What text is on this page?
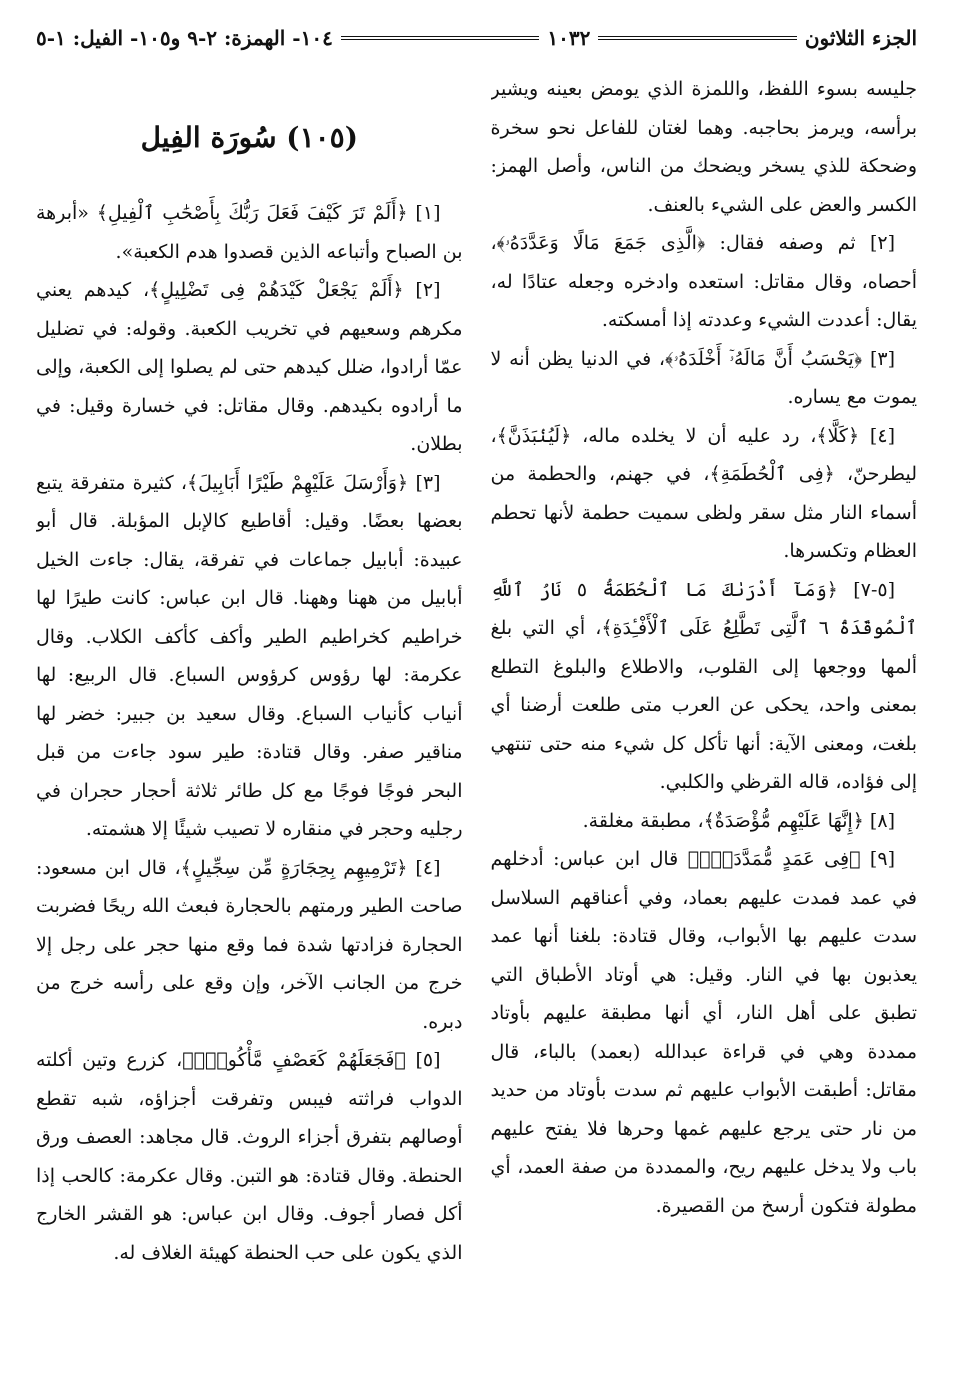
الجزء الثلاثون
١٠٣٢
١٠٤- الهمزة: ٢-٩ و١٠٥- الفيل: ١-٥

جليسه بسوء اللفظ، واللمزة الذي يومض بعينه ويشير برأسه، ويرمز بحاجبه. وهما لغتان للفاعل نحو سخرة وضحكة للذي يسخر ويضحك من الناس، وأصل الهمز: الكسر والعض على الشيء بالعنف.

[٢] ثم وصفه فقال: ﴿الَّذِى جَمَعَ مَالًا وَعَدَّدَهُۥ﴾، أحصاه، وقال مقاتل: استعده وادخره وجعله عتادًا له، يقال: أعددت الشيء وعددته إذا أمسكته.

[٣] ﴿يَحْسَبُ أَنَّ مَالَهُۥٓ أَخْلَدَهُۥ﴾، في الدنيا يظن أنه لا يموت مع يساره.

[٤] ﴿كَلَّا﴾، رد عليه أن لا يخلده ماله، ﴿لَيُنۢبَذَنَّ﴾، ليطرحنّ، ﴿فِى ٱلْحُطَمَةِ﴾، في جهنم، والحطمة من أسماء النار مثل سقر ولظى سميت حطمة لأنها تحطم العظام وتكسرها.

[٥-٧] ﴿وَمَآ أَدْرَىٰكَ مَا ٱلْحُطَمَةُ ٥ نَارُ ٱللَّهِ ٱلْمُوقَدَةُ ٦ ٱلَّتِى تَطَّلِعُ عَلَى ٱلْأَفْـِٔدَةِ﴾، أي التي بلغ ألمها ووجعها إلى القلوب، والاطلاع والبلوغ التطلع بمعنى واحد، يحكى عن العرب متى طلعت أرضنا أي بلغت، ومعنى الآية: أنها تأكل كل شيء منه حتى تنتهي إلى فؤاده، قاله القرظي والكلبي.

[٨] ﴿إِنَّهَا عَلَيْهِم مُّؤْصَدَةٌ﴾، مطبقة مغلقة.

[٩] ﴿فِى عَمَدٍ مُّمَدَّدَةٍۭ﴾ قال ابن عباس: أدخلهم في عمد فمدت عليهم بعماد، وفي أعناقهم السلاسل سدت عليهم بها الأبواب، وقال قتادة: بلغنا أنها عمد يعذبون بها في النار. وقيل: هي أوتاد الأطباق التي تطبق على أهل النار، أي أنها مطبقة عليهم بأوتاد ممددة وهي في قراءة عبدالله (بعمد) بالباء، قال مقاتل: أطبقت الأبواب عليهم ثم سدت بأوتاد من حديد من نار حتى يرجع عليهم غمها وحرها فلا يفتح عليهم باب ولا يدخل عليهم ريح، والممددة من صفة العمد، أي مطولة فتكون أرسخ من القصيرة.

(١٠٥) سُورَة الفِيل

[١] ﴿أَلَمْ تَرَ كَيْفَ فَعَلَ رَبُّكَ بِأَصْحَٰبِ ٱلْفِيلِ﴾ «أبرهة بن الصباح وأتباعه الذين قصدوا هدم الكعبة».

[٢] ﴿أَلَمْ يَجْعَلْ كَيْدَهُمْ فِى تَضْلِيلٍ﴾، كيدهم يعني مكرهم وسعيهم في تخريب الكعبة. وقوله: في تضليل عمّا أرادوا، ضلل كيدهم حتى لم يصلوا إلى الكعبة، وإلى ما أرادوه بكيدهم. وقال مقاتل: في خسارة وقيل: في بطلان.

[٣] ﴿وَأَرْسَلَ عَلَيْهِمْ طَيْرًا أَبَابِيلَ﴾، كثيرة متفرقة يتبع بعضها بعضًا. وقيل: أقاطيع كالإبل المؤبلة. قال أبو عبيدة: أبابيل جماعات في تفرقة، يقال: جاءت الخيل أبابيل من ههنا وههنا. قال ابن عباس: كانت طيرًا لها خراطيم كخراطيم الطير وأكف كأكف الكلاب. وقال عكرمة: لها رؤوس كرؤوس السباع. قال الربيع: لها أنياب كأنياب السباع. وقال سعيد بن جبير: خضر لها مناقير صفر. وقال قتادة: طير سود جاءت من قبل البحر فوجًا فوجًا مع كل طائر ثلاثة أحجار حجران في رجليه وحجر في منقاره لا تصيب شيئًا إلا هشمته.

[٤] ﴿تَرْمِيهِم بِحِجَارَةٍ مِّن سِجِّيلٍ﴾، قال ابن مسعود: صاحت الطير ورمتهم بالحجارة فبعث الله ريحًا فضربت الحجارة فزادتها شدة فما وقع منها حجر على رجل إلا خرج من الجانب الآخر، وإن وقع على رأسه خرج من دبره.

[٥] ﴿فَجَعَلَهُمْ كَعَصْفٍ مَّأْكُولٍۭ﴾، كزرع وتين أكلته الدواب فراثته فيبس وتفرقت أجزاؤه، شبه تقطع أوصالهم بتفرق أجزاء الروث. قال مجاهد: العصف ورق الحنطة. وقال قتادة: هو التبن. وقال عكرمة: كالحب إذا أكل فصار أجوف. وقال ابن عباس: هو القشر الخارج الذي يكون على حب الحنطة كهيئة الغلاف له.
